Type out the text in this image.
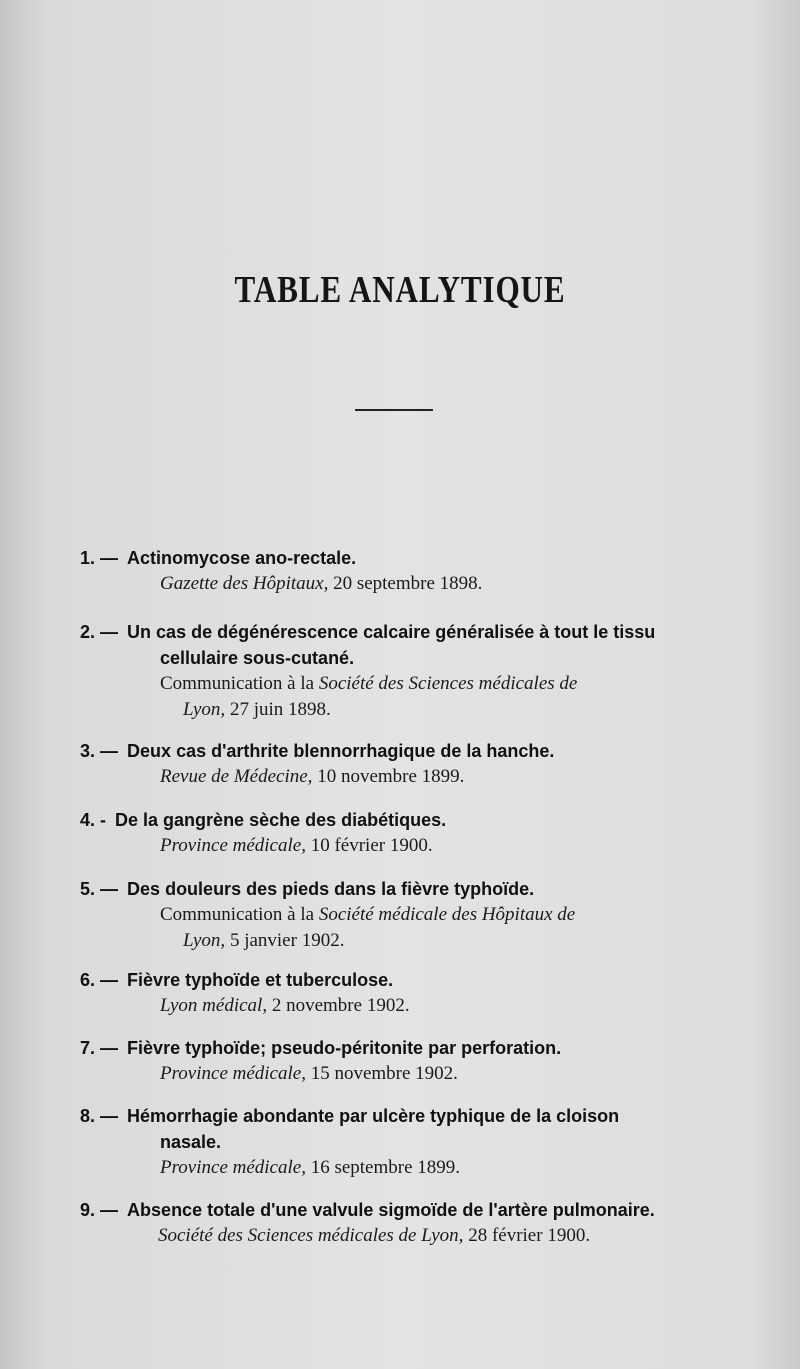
TABLE ANALYTIQUE
1. — Actinomycose ano-rectale.
Gazette des Hôpitaux, 20 septembre 1898.
2. — Un cas de dégénérescence calcaire généralisée à tout le tissu
cellulaire sous-cutané.
Communication à la Société des Sciences médicales de
Lyon, 27 juin 1898.
3. — Deux cas d'arthrite blennorrhagique de la hanche.
Revue de Médecine, 10 novembre 1899.
4. - De la gangrène sèche des diabétiques.
Province médicale, 10 février 1900.
5. — Des douleurs des pieds dans la fièvre typhoïde.
Communication à la Société médicale des Hôpitaux de
Lyon, 5 janvier 1902.
6. — Fièvre typhoïde et tuberculose.
Lyon médical, 2 novembre 1902.
7. — Fièvre typhoïde; pseudo-péritonite par perforation.
Province médicale, 15 novembre 1902.
8. — Hémorrhagie abondante par ulcère typhique de la cloison
nasale.
Province médicale, 16 septembre 1899.
9. — Absence totale d'une valvule sigmoïde de l'artère pulmonaire.
Société des Sciences médicales de Lyon, 28 février 1900.
